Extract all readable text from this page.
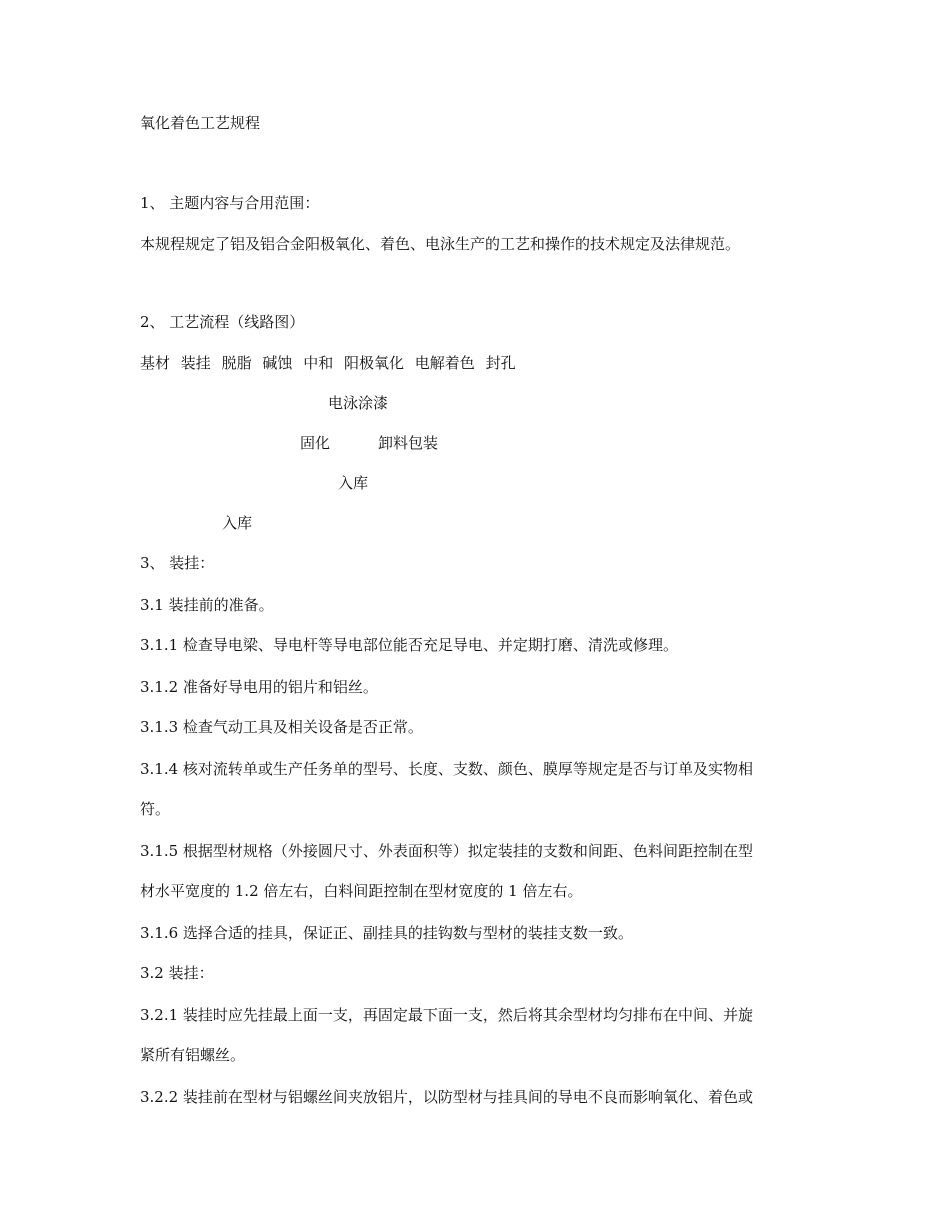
氧化着色工艺规程
1、 主题内容与合用范围：
本规程规定了铝及铝合金阳极氧化、着色、电泳生产的工艺和操作的技术规定及法律规范。
2、 工艺流程（线路图）
基材 装挂 脱脂 碱蚀 中和 阳极氧化 电解着色 封孔
电泳涂漆
固化	卸料包装
入库
入库
3、 装挂：
3.1 装挂前的准备。
3.1.1 检查导电梁、导电杆等导电部位能否充足导电、并定期打磨、清洗或修理。
3.1.2 准备好导电用的铝片和铝丝。
3.1.3 检查气动工具及相关设备是否正常。
3.1.4 核对流转单或生产任务单的型号、长度、支数、颜色、膜厚等规定是否与订单及实物相
符。
3.1.5 根据型材规格（外接圆尺寸、外表面积等）拟定装挂的支数和间距、色料间距控制在型
材水平宽度的 1.2 倍左右，白料间距控制在型材宽度的 1 倍左右。
3.1.6 选择合适的挂具，保证正、副挂具的挂钩数与型材的装挂支数一致。
3.2 装挂：
3.2.1 装挂时应先挂最上面一支，再固定最下面一支，然后将其余型材均匀排布在中间、并旋
紧所有铝螺丝。
3.2.2 装挂前在型材与铝螺丝间夹放铝片，以防型材与挂具间的导电不良而影响氧化、着色或
